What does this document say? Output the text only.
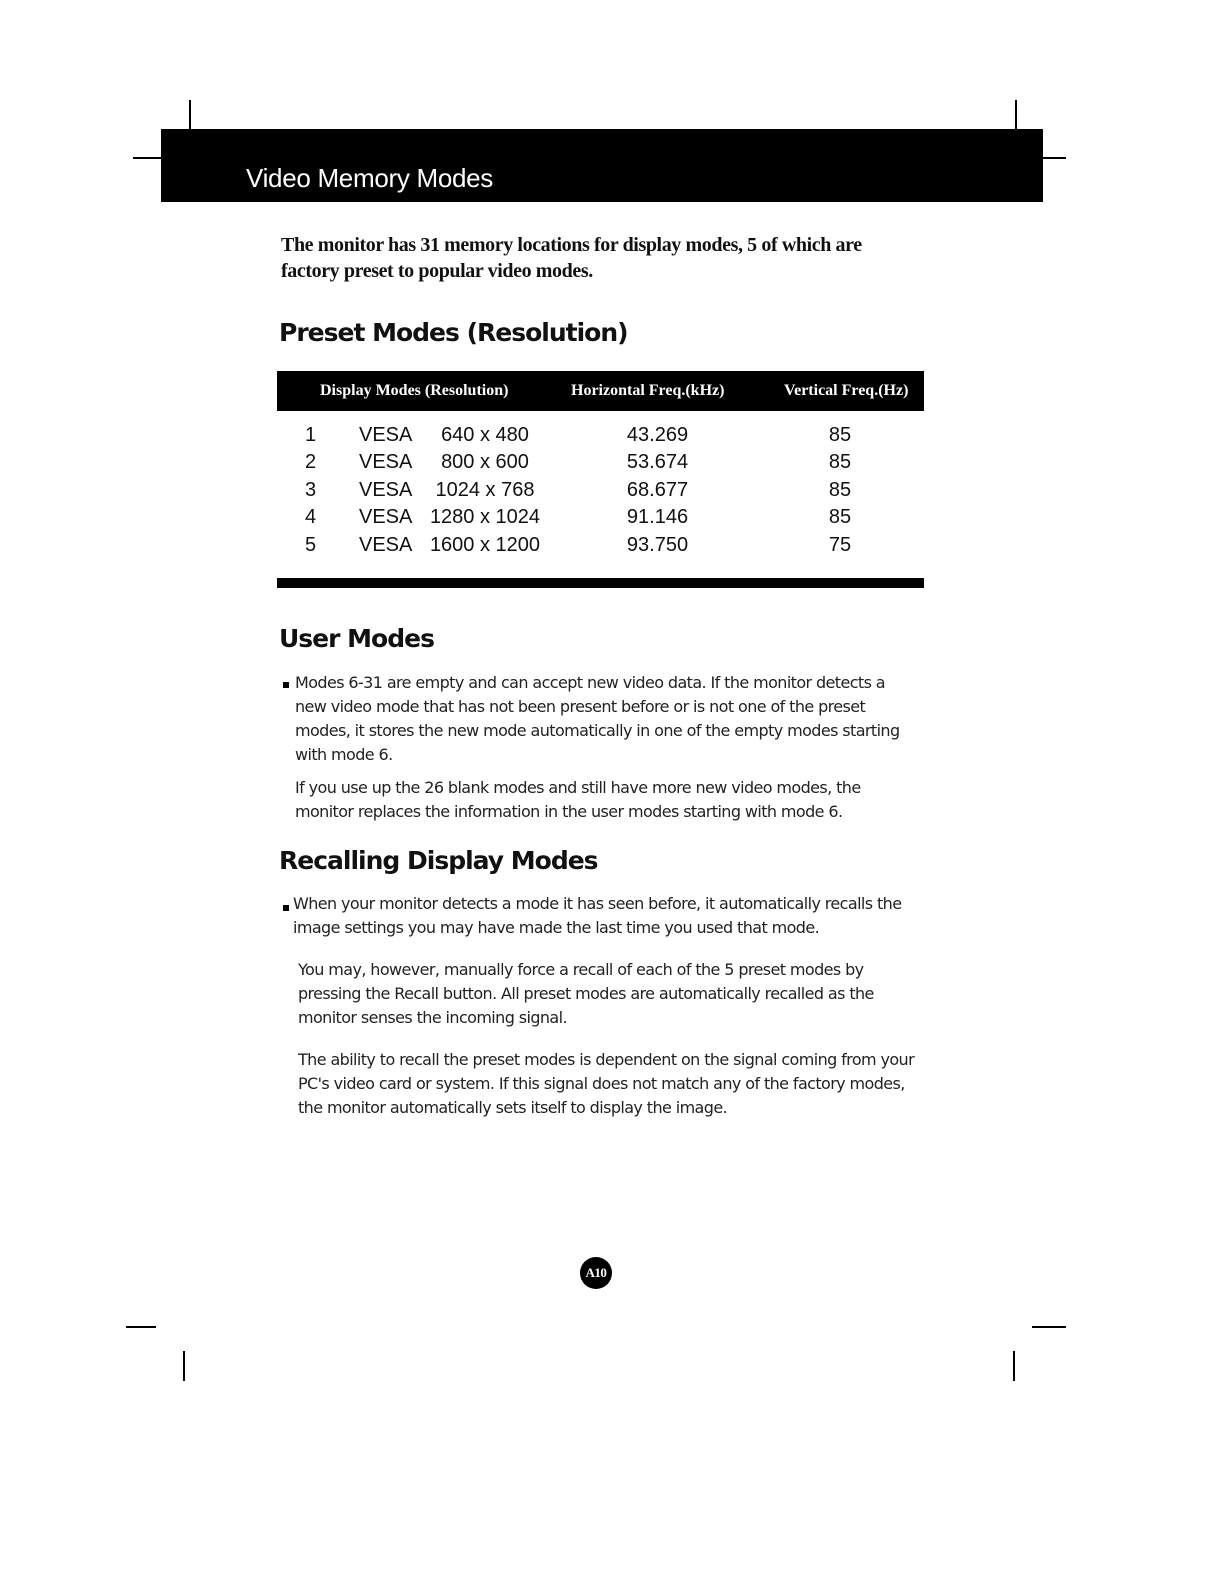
Video Memory Modes

The monitor has 31 memory locations for display modes, 5 of which are factory preset to popular video modes.

Preset Modes (Resolution)
Display Modes (Resolution)	Horizontal Freq.(kHz)	Vertical Freq.(Hz)
1 VESA	640 x 480	43.269	85
2 VESA	800 x 600	53.674	85
3 VESA	1024 x 768	68.677	85
4 VESA 1280 x 1024	91.146	85
5 VESA 1600 x 1200	93.750	75
User Modes

Modes 6-31 are empty and can accept new video data. If the monitor detects a new video mode that has not been present before or is not one of the preset modes, it stores the new mode automatically in one of the empty modes starting with mode 6.

If you use up the 26 blank modes and still have more new video modes, the monitor replaces the information in the user modes starting with mode 6.

Recalling Display Modes

When your monitor detects a mode it has seen before, it automatically recalls the image settings you may have made the last time you used that mode.

You may, however, manually force a recall of each of the 5 preset modes by pressing the Recall button. All preset modes are automatically recalled as the monitor senses the incoming signal.

The ability to recall the preset modes is dependent on the signal coming from your PC's video card or system. If this signal does not match any of the factory modes, the monitor automatically sets itself to display the image.

A10
